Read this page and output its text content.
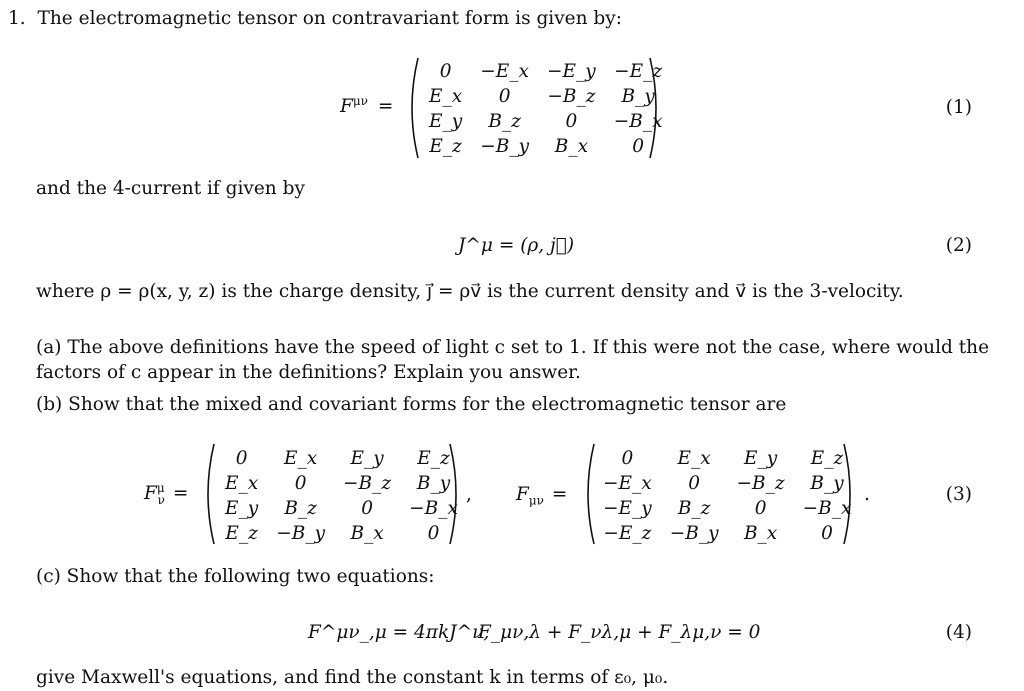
1. The electromagnetic tensor on contravariant form is given by:
$F^{\mu\nu}$ =
0	−E_x	−E_y	−E_z
E_x	0	−B_z	B_y
E_y	B_z	0	−B_x
E_z	−B_y	B_x	0
(1)
and the 4-current if given by
J^μ = (ρ, j⃗)	(2)
where ρ = ρ(x, y, z) is the charge density, j⃗ = ρv⃗ is the current density and v⃗ is the 3-velocity.
(a) The above definitions have the speed of light c set to 1. If this were not the case, where would the
factors of c appear in the definitions? Explain you answer.
(b) Show that the mixed and covariant forms for the electromagnetic tensor are
$F^\mu_\nu$ =
0	E_x	E_y	E_z
E_x	0	−B_z	B_y
E_y	B_z	0	−B_x
E_z	−B_y	B_x	0
, $F_{\mu\nu}$ =
0	E_x	E_y	E_z
−E_x	0	−B_z	B_y
−E_y	B_z	0	−B_x
−E_z	−B_y	B_x	0
.	(3)
(c) Show that the following two equations:
F^μν_,μ = 4πkJ^ν,
F_μν,λ + F_νλ,μ + F_λμ,ν = 0	(4)
give Maxwell's equations, and find the constant k in terms of ε₀, μ₀.
